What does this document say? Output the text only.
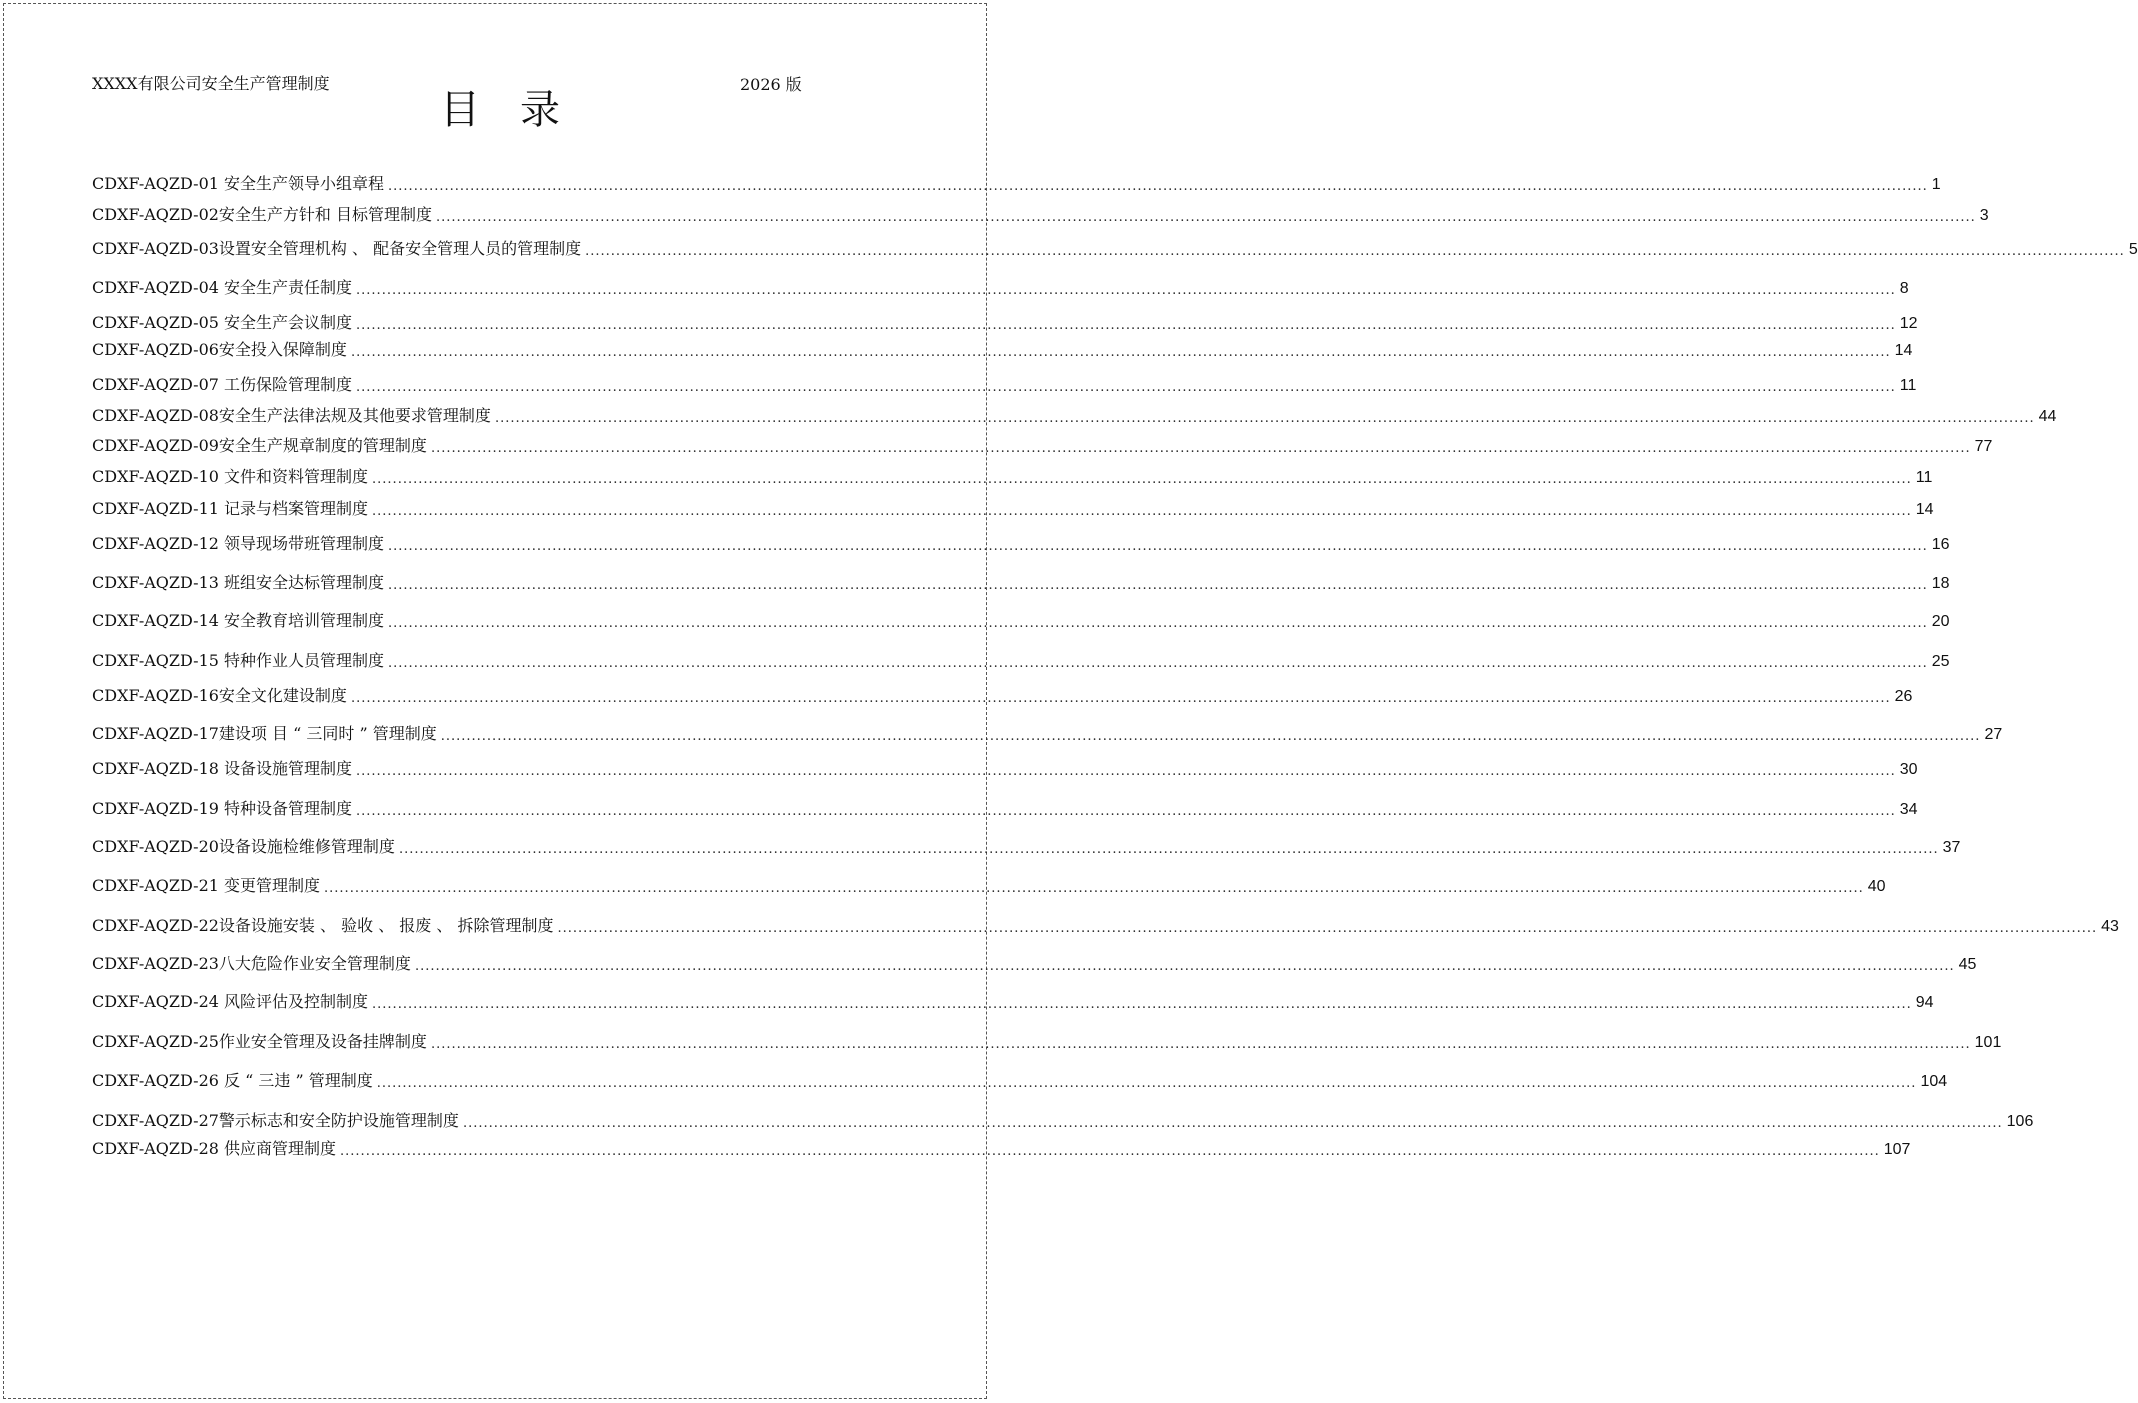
XXXX有限公司安全生产管理制度	2026 版
目录
CDXF-AQZD-01 安全生产领导小组章程 ............................................................................................................................................................................................................................................................................................................ 1
CDXF-AQZD-02安全生产方针和 目标管理制度 ............................................................................................................................................................................................................................................................................................................ 3
CDXF-AQZD-03设置安全管理机构 、 配备安全管理人员的管理制度 ............................................................................................................................................................................................................................................................................................................ 5
CDXF-AQZD-04 安全生产责任制度 ............................................................................................................................................................................................................................................................................................................ 8
CDXF-AQZD-05 安全生产会议制度 ............................................................................................................................................................................................................................................................................................................ 12
CDXF-AQZD-06安全投入保障制度 ............................................................................................................................................................................................................................................................................................................ 14
CDXF-AQZD-07 工伤保险管理制度 ............................................................................................................................................................................................................................................................................................................ 11
CDXF-AQZD-08安全生产法律法规及其他要求管理制度 ............................................................................................................................................................................................................................................................................................................ 44
CDXF-AQZD-09安全生产规章制度的管理制度 ............................................................................................................................................................................................................................................................................................................ 77
CDXF-AQZD-10 文件和资料管理制度 ............................................................................................................................................................................................................................................................................................................ 11
CDXF-AQZD-11 记录与档案管理制度 ............................................................................................................................................................................................................................................................................................................ 14
CDXF-AQZD-12 领导现场带班管理制度 ............................................................................................................................................................................................................................................................................................................ 16
CDXF-AQZD-13 班组安全达标管理制度 ............................................................................................................................................................................................................................................................................................................ 18
CDXF-AQZD-14 安全教育培训管理制度 ............................................................................................................................................................................................................................................................................................................ 20
CDXF-AQZD-15 特种作业人员管理制度 ............................................................................................................................................................................................................................................................................................................ 25
CDXF-AQZD-16安全文化建设制度 ............................................................................................................................................................................................................................................................................................................ 26
CDXF-AQZD-17建设项 目 “ 三同时 ” 管理制度 ............................................................................................................................................................................................................................................................................................................ 27
CDXF-AQZD-18 设备设施管理制度 ............................................................................................................................................................................................................................................................................................................ 30
CDXF-AQZD-19 特种设备管理制度 ............................................................................................................................................................................................................................................................................................................ 34
CDXF-AQZD-20设备设施检维修管理制度 ............................................................................................................................................................................................................................................................................................................ 37
CDXF-AQZD-21 变更管理制度 ............................................................................................................................................................................................................................................................................................................ 40
CDXF-AQZD-22设备设施安装 、 验收 、 报废 、 拆除管理制度 ............................................................................................................................................................................................................................................................................................................ 43
CDXF-AQZD-23八大危险作业安全管理制度 ............................................................................................................................................................................................................................................................................................................ 45
CDXF-AQZD-24 风险评估及控制制度 ............................................................................................................................................................................................................................................................................................................ 94
CDXF-AQZD-25作业安全管理及设备挂牌制度 ............................................................................................................................................................................................................................................................................................................ 101
CDXF-AQZD-26 反 “ 三违 ” 管理制度 ............................................................................................................................................................................................................................................................................................................ 104
CDXF-AQZD-27警示标志和安全防护设施管理制度 ............................................................................................................................................................................................................................................................................................................ 106
CDXF-AQZD-28 供应商管理制度 ............................................................................................................................................................................................................................................................................................................ 107
